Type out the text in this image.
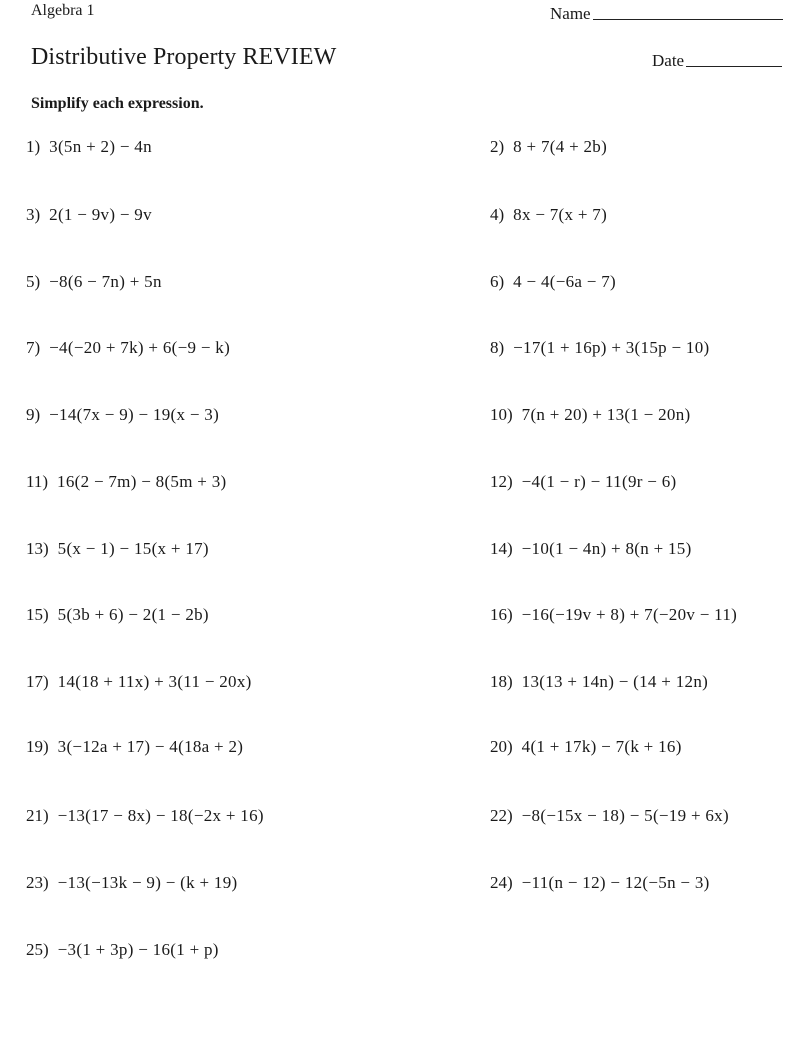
Algebra 1	Name
Distributive Property REVIEW	Date
Simplify each expression.
1) 3(5n + 2) − 4n	2) 8 + 7(4 + 2b)
3) 2(1 − 9v) − 9v	4) 8x − 7(x + 7)
5) −8(6 − 7n) + 5n	6) 4 − 4(−6a − 7)
7) −4(−20 + 7k) + 6(−9 − k)	8) −17(1 + 16p) + 3(15p − 10)
9) −14(7x − 9) − 19(x − 3)	10) 7(n + 20) + 13(1 − 20n)
11) 16(2 − 7m) − 8(5m + 3)	12) −4(1 − r) − 11(9r − 6)
13) 5(x − 1) − 15(x + 17)	14) −10(1 − 4n) + 8(n + 15)
15) 5(3b + 6) − 2(1 − 2b)	16) −16(−19v + 8) + 7(−20v − 11)
17) 14(18 + 11x) + 3(11 − 20x)	18) 13(13 + 14n) − (14 + 12n)
19) 3(−12a + 17) − 4(18a + 2)	20) 4(1 + 17k) − 7(k + 16)
21) −13(17 − 8x) − 18(−2x + 16)	22) −8(−15x − 18) − 5(−19 + 6x)
23) −13(−13k − 9) − (k + 19)	24) −11(n − 12) − 12(−5n − 3)
25) −3(1 + 3p) − 16(1 + p)
